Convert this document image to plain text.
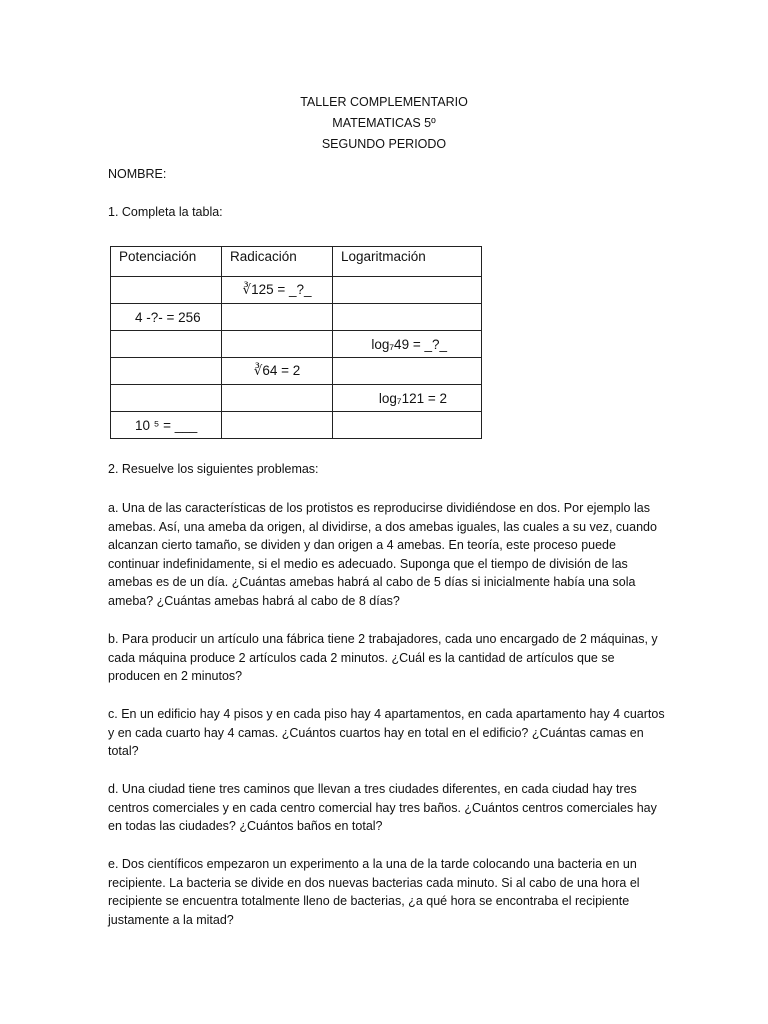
TALLER COMPLEMENTARIO
MATEMATICAS 5º
SEGUNDO PERIODO
NOMBRE:
1. Completa la tabla:
Potenciación	Radicación	Logaritmación
	∛125 = _?_	
4 -?- = 256		
		log₇49 = _?_
	∛64 = 2	
		log₇121 = 2
10 ⁵ = ___		
2. Resuelve los siguientes problemas:
a. Una de las características de los protistos es reproducirse dividiéndose en dos. Por ejemplo las amebas. Así, una ameba da origen, al dividirse, a dos amebas iguales, las cuales a su vez, cuando alcanzan cierto tamaño, se dividen y dan origen a 4 amebas. En teoría, este proceso puede continuar indefinidamente, si el medio es adecuado. Suponga que el tiempo de división de las amebas es de un día. ¿Cuántas amebas habrá al cabo de 5 días si inicialmente había una sola ameba? ¿Cuántas amebas habrá al cabo de 8 días?
b. Para producir un artículo una fábrica tiene 2 trabajadores, cada uno encargado de 2 máquinas, y cada máquina produce 2 artículos cada 2 minutos. ¿Cuál es la cantidad de artículos que se producen en 2 minutos?
c. En un edificio hay 4 pisos y en cada piso hay 4 apartamentos, en cada apartamento hay 4 cuartos y en cada cuarto hay 4 camas. ¿Cuántos cuartos hay en total en el edificio? ¿Cuántas camas en total?
d. Una ciudad tiene tres caminos que llevan a tres ciudades diferentes, en cada ciudad hay tres centros comerciales y en cada centro comercial hay tres baños. ¿Cuántos centros comerciales hay en todas las ciudades? ¿Cuántos baños en total?
e. Dos científicos empezaron un experimento a la una de la tarde colocando una bacteria en un recipiente. La bacteria se divide en dos nuevas bacterias cada minuto. Si al cabo de una hora el recipiente se encuentra totalmente lleno de bacterias, ¿a qué hora se encontraba el recipiente justamente a la mitad?
